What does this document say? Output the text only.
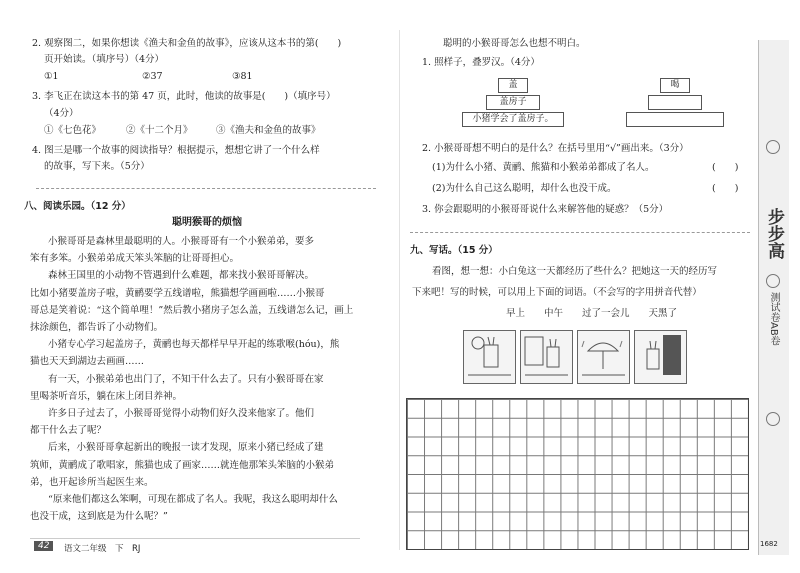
2. 观察图二，如果你想读《渔夫和金鱼的故事》，应该从这本书的第(　　)
页开始读。（填序号）（4分）
①1	②37	③81
3. 李飞正在读这本书的第 47 页，此时，他读的故事是(　　)（填序号）
（4分）
①《七色花》	②《十二个月》 ③《渔夫和金鱼的故事》
4. 图三是哪一个故事的阅读指导？根据提示，想想它讲了一个什么样
的故事，写下来。（5分）
八、阅读乐园。（12 分）
聪明猴哥的烦恼

小猴哥哥是森林里最聪明的人。小猴哥哥有一个小猴弟弟，要多

笨有多笨。小猴弟弟成天笨头笨脑的让哥哥担心。

森林王国里的小动物不管遇到什么难题，都来找小猴哥哥解决。

比如小猪要盖房子啦，黄鹂要学五线谱啦，熊猫想学画画啦……小猴哥

哥总是笑着说：“这个简单哩！”然后教小猪房子怎么盖，五线谱怎么记，画上

抹涂颜色，都告诉了小动物们。

小猪专心学习起盖房子，黄鹂也每天都样早早开起的练歌喉(hóu)，熊

猫也天天到湖边去画画……

有一天，小猴弟弟也出门了，不知干什么去了。只有小猴哥哥在家

里喝茶听音乐，躺在床上闭目养神。

许多日子过去了，小猴哥哥觉得小动物们好久没来他家了。他们

都干什么去了呢？

后来，小猴哥哥拿起新出的晚报一读才发现，原来小猪已经成了建

筑师，黄鹂成了歌唱家，熊猫也成了画家……就连他那笨头笨脑的小猴弟

弟，也开起诊所当起医生来。

“原来他们都这么笨啊，可现在都成了名人。我呢，我这么聪明却什么

也没干成，这到底是为什么呢？”

42	语文二年级　下　RJ
聪明的小猴哥哥怎么也想不明白。
1. 照样子，叠罗汉。（4分）
盖
盖房子
小猪学会了盖房子。
喝
2. 小猴哥哥想不明白的是什么？在括号里用“√”画出来。（3分）
(1)为什么小猪、黄鹂、熊猫和小猴弟弟都成了名人。	(　　)
(2)为什么自己这么聪明，却什么也没干成。	(　　)
3. 你会跟聪明的小猴哥哥说什么来解答他的疑惑？（5分）
九、写话。（15 分）
看图，想一想：小白兔这一天都经历了些什么？把她这一天的经历写
下来吧！写的时候，可以用上下面的词语。（不会写的字用拼音代替）
早上　　中午　　过了一会儿　　天黑了
步步高
测试卷AB卷
1682
